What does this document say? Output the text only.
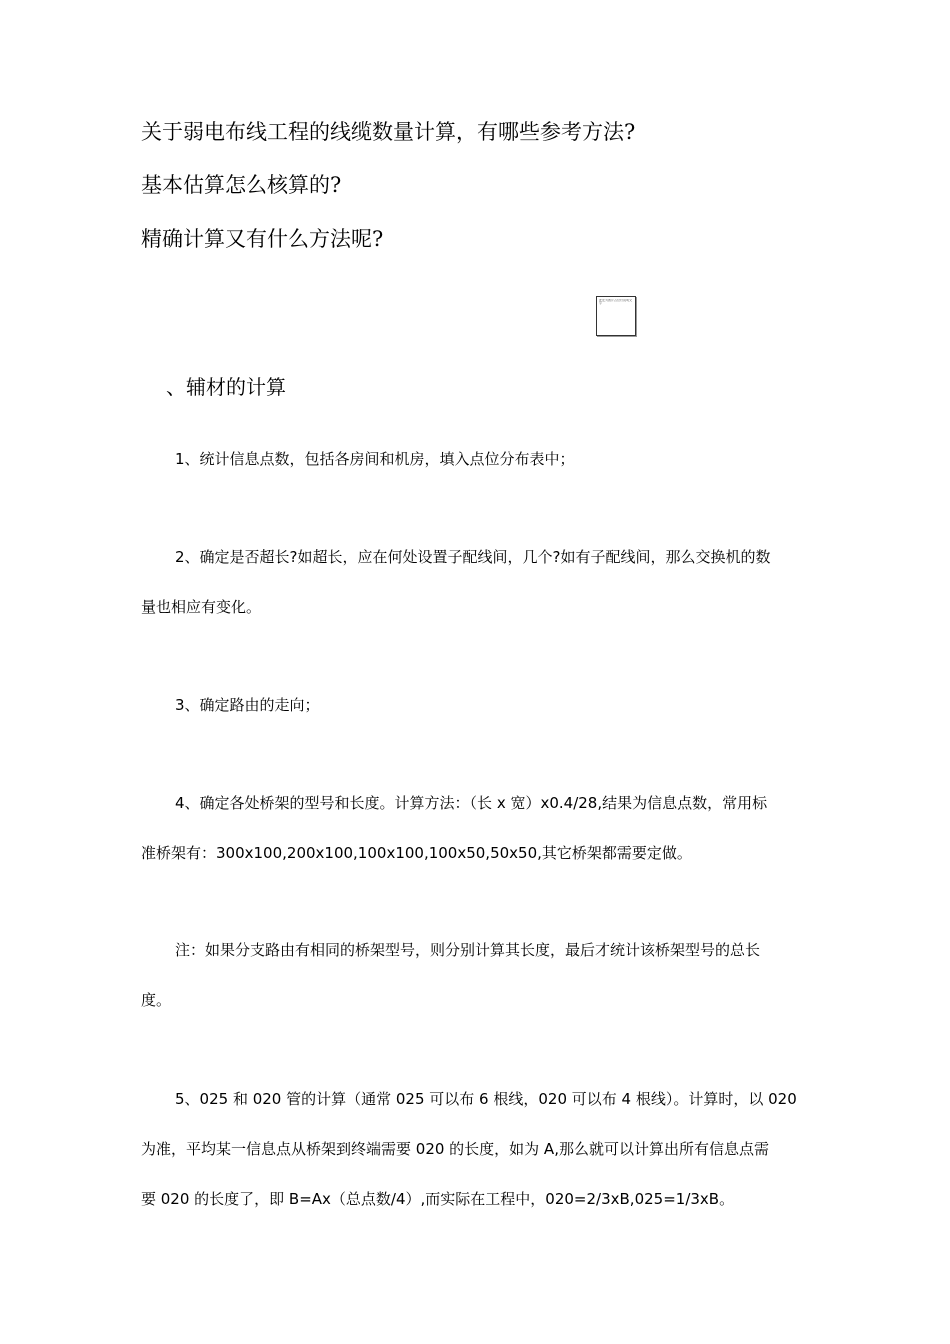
关于弱电布线工程的线缆数量计算，有哪些参考方法?
基本估算怎么核算的?
精确计算又有什么方法呢?
此处为图片占位符说明文字
、辅材的计算
1、统计信息点数，包括各房间和机房，填入点位分布表中；
2、确定是否超长?如超长，应在何处设置子配线间，几个?如有子配线间，那么交换机的数
量也相应有变化。
3、确定路由的走向；
4、确定各处桥架的型号和长度。计算方法：（长 x 宽）x0.4/28,结果为信息点数，常用标
准桥架有：300x100,200x100,100x100,100x50,50x50,其它桥架都需要定做。
注：如果分支路由有相同的桥架型号，则分别计算其长度，最后才统计该桥架型号的总长
度。
5、025 和 020 管的计算（通常 025 可以布 6 根线，020 可以布 4 根线）。计算时，以 020
为准，平均某一信息点从桥架到终端需要 020 的长度，如为 A,那么就可以计算出所有信息点需
要 020 的长度了，即 B=Ax（总点数/4）,而实际在工程中，020=2/3xB,025=1/3xB。
